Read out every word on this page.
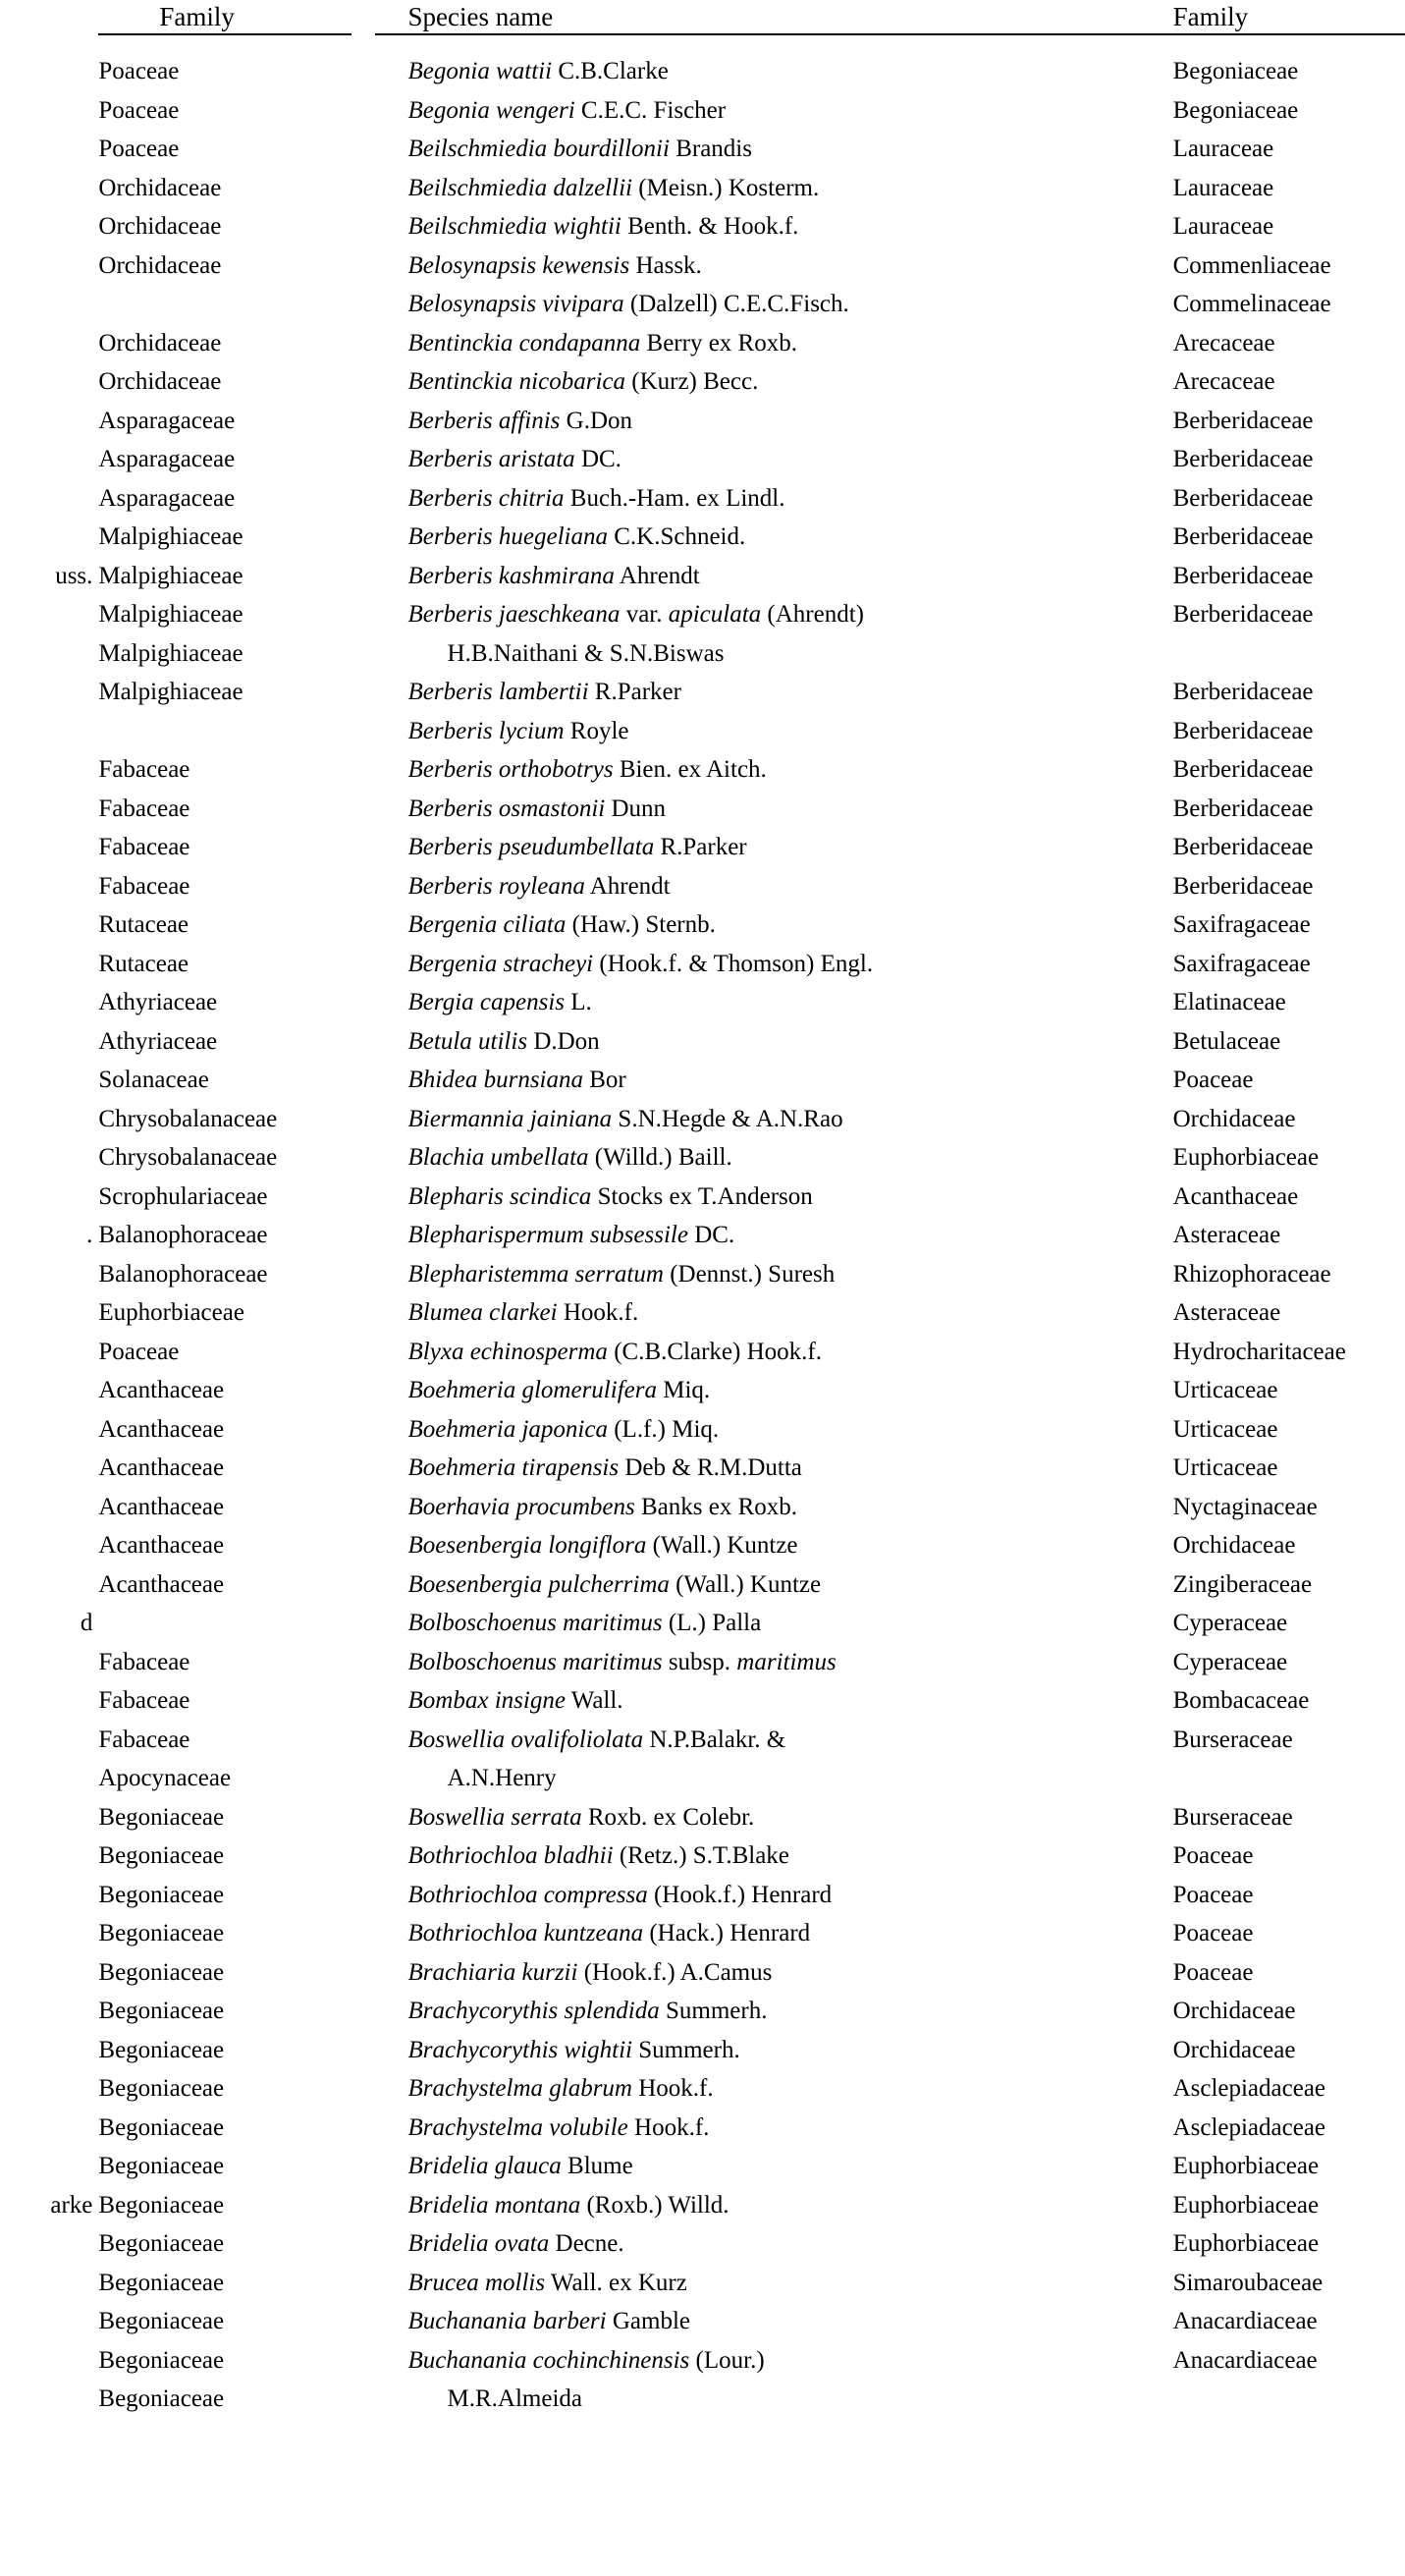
	Family	Species name	Family

	Poaceae	Begonia wattii C.B.Clarke	Begoniaceae
	Poaceae	Begonia wengeri C.E.C. Fischer	Begoniaceae
	Poaceae	Beilschmiedia bourdillonii Brandis	Lauraceae
	Orchidaceae	Beilschmiedia dalzellii (Meisn.) Kosterm.	Lauraceae
	Orchidaceae	Beilschmiedia wightii Benth. & Hook.f.	Lauraceae
	Orchidaceae	Belosynapsis kewensis Hassk.	Commenliaceae
		Belosynapsis vivipara (Dalzell) C.E.C.Fisch.	Commelinaceae
	Orchidaceae	Bentinckia condapanna Berry ex Roxb.	Arecaceae
	Orchidaceae	Bentinckia nicobarica (Kurz) Becc.	Arecaceae
	Asparagaceae	Berberis affinis G.Don	Berberidaceae
	Asparagaceae	Berberis aristata DC.	Berberidaceae
	Asparagaceae	Berberis chitria Buch.-Ham. ex Lindl.	Berberidaceae
	Malpighiaceae	Berberis huegeliana C.K.Schneid.	Berberidaceae
uss.	Malpighiaceae	Berberis kashmirana Ahrendt	Berberidaceae
	Malpighiaceae	Berberis jaeschkeana var. apiculata (Ahrendt)	Berberidaceae
	Malpighiaceae	H.B.Naithani & S.N.Biswas	
	Malpighiaceae	Berberis lambertii R.Parker	Berberidaceae
		Berberis lycium Royle	Berberidaceae
	Fabaceae	Berberis orthobotrys Bien. ex Aitch.	Berberidaceae
	Fabaceae	Berberis osmastonii Dunn	Berberidaceae
	Fabaceae	Berberis pseudumbellata R.Parker	Berberidaceae
	Fabaceae	Berberis royleana Ahrendt	Berberidaceae
	Rutaceae	Bergenia ciliata (Haw.) Sternb.	Saxifragaceae
	Rutaceae	Bergenia stracheyi (Hook.f. & Thomson) Engl.	Saxifragaceae
	Athyriaceae	Bergia capensis L.	Elatinaceae
	Athyriaceae	Betula utilis D.Don	Betulaceae
	Solanaceae	Bhidea burnsiana Bor	Poaceae
	Chrysobalanaceae	Biermannia jainiana S.N.Hegde & A.N.Rao	Orchidaceae
	Chrysobalanaceae	Blachia umbellata (Willd.) Baill.	Euphorbiaceae
	Scrophulariaceae	Blepharis scindica Stocks ex T.Anderson	Acanthaceae
.	Balanophoraceae	Blepharispermum subsessile DC.	Asteraceae
	Balanophoraceae	Blepharistemma serratum (Dennst.) Suresh	Rhizophoraceae
	Euphorbiaceae	Blumea clarkei Hook.f.	Asteraceae
	Poaceae	Blyxa echinosperma (C.B.Clarke) Hook.f.	Hydrocharitaceae
	Acanthaceae	Boehmeria glomerulifera Miq.	Urticaceae
	Acanthaceae	Boehmeria japonica (L.f.) Miq.	Urticaceae
	Acanthaceae	Boehmeria tirapensis Deb & R.M.Dutta	Urticaceae
	Acanthaceae	Boerhavia procumbens Banks ex Roxb.	Nyctaginaceae
	Acanthaceae	Boesenbergia longiflora (Wall.) Kuntze	Orchidaceae
	Acanthaceae	Boesenbergia pulcherrima (Wall.) Kuntze	Zingiberaceae
d		Bolboschoenus maritimus (L.) Palla	Cyperaceae
	Fabaceae	Bolboschoenus maritimus subsp. maritimus	Cyperaceae
	Fabaceae	Bombax insigne Wall.	Bombacaceae
	Fabaceae	Boswellia ovalifoliolata N.P.Balakr. &	Burseraceae
	Apocynaceae	A.N.Henry	
	Begoniaceae	Boswellia serrata Roxb. ex Colebr.	Burseraceae
	Begoniaceae	Bothriochloa bladhii (Retz.) S.T.Blake	Poaceae
	Begoniaceae	Bothriochloa compressa (Hook.f.) Henrard	Poaceae
	Begoniaceae	Bothriochloa kuntzeana (Hack.) Henrard	Poaceae
	Begoniaceae	Brachiaria kurzii (Hook.f.) A.Camus	Poaceae
	Begoniaceae	Brachycorythis splendida Summerh.	Orchidaceae
	Begoniaceae	Brachycorythis wightii Summerh.	Orchidaceae
	Begoniaceae	Brachystelma glabrum Hook.f.	Asclepiadaceae
	Begoniaceae	Brachystelma volubile Hook.f.	Asclepiadaceae
	Begoniaceae	Bridelia glauca Blume	Euphorbiaceae
arke	Begoniaceae	Bridelia montana (Roxb.) Willd.	Euphorbiaceae
	Begoniaceae	Bridelia ovata Decne.	Euphorbiaceae
	Begoniaceae	Brucea mollis Wall. ex Kurz	Simaroubaceae
	Begoniaceae	Buchanania barberi Gamble	Anacardiaceae
	Begoniaceae	Buchanania cochinchinensis (Lour.)	Anacardiaceae
	Begoniaceae	M.R.Almeida	
